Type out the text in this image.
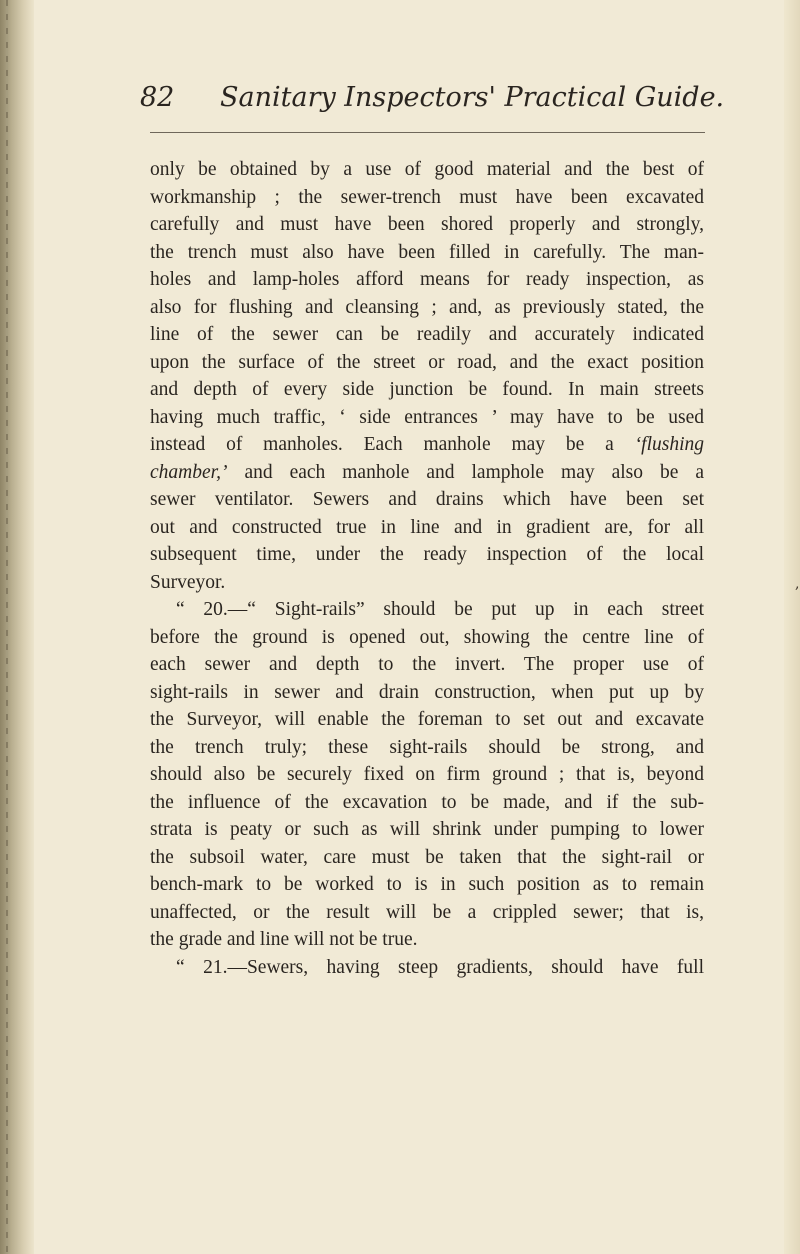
82 Sanitary Inspectors' Practical Guide.
only be obtained by a use of good material and the best of
workmanship ; the sewer-trench must have been excavated
carefully and must have been shored properly and strongly,
the trench must also have been filled in carefully. The man-
holes and lamp-holes afford means for ready inspection, as
also for flushing and cleansing ; and, as previously stated, the
line of the sewer can be readily and accurately indicated
upon the surface of the street or road, and the exact position
and depth of every side junction be found. In main streets
having much traffic, ‘ side entrances ’ may have to be used
instead of manholes. Each manhole may be a ‘flushing
chamber,’ and each manhole and lamphole may also be a
sewer ventilator. Sewers and drains which have been set
out and constructed true in line and in gradient are, for all
subsequent time, under the ready inspection of the local
Surveyor.
“ 20.—“ Sight-rails” should be put up in each street
before the ground is opened out, showing the centre line of
each sewer and depth to the invert. The proper use of
sight-rails in sewer and drain construction, when put up by
the Surveyor, will enable the foreman to set out and excavate
the trench truly; these sight-rails should be strong, and
should also be securely fixed on firm ground ; that is, beyond
the influence of the excavation to be made, and if the sub-
strata is peaty or such as will shrink under pumping to lower
the subsoil water, care must be taken that the sight-rail or
bench-mark to be worked to is in such position as to remain
unaffected, or the result will be a crippled sewer; that is,
the grade and line will not be true.
“ 21.—Sewers, having steep gradients, should have full
,
